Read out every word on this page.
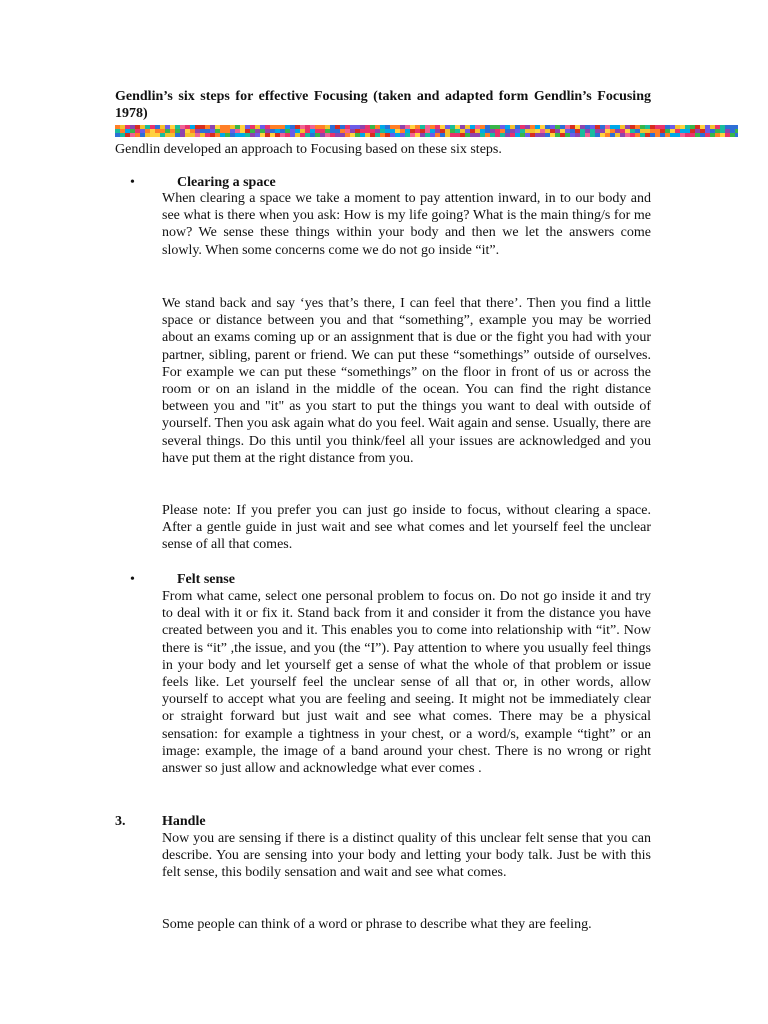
Gendlin’s six steps for effective Focusing (taken and adapted form Gendlin’s Focusing 1978)
Gendlin developed an approach to Focusing based on these six steps.
•	Clearing a space

When clearing a space we take a moment to pay attention inward, in to our body and see what is there when you ask: How is my life going? What is the main thing/s for me now? We sense these things within your body and then we let the answers come slowly. When some concerns come we do not go inside “it”.

We stand back and say ‘yes that’s there, I can feel that there’. Then you find a little space or distance between you and that “something”, example you may be worried about an exams coming up or an assignment that is due or the fight you had with your partner, sibling, parent or friend. We can put these “somethings” outside of ourselves. For example we can put these “somethings” on the floor in front of us or across the room or on an island in the middle of the ocean. You can find the right distance between you and "it" as you start to put the things you want to deal with outside of yourself. Then you ask again what do you feel. Wait again and sense. Usually, there are several things. Do this until you think/feel all your issues are acknowledged and you have put them at the right distance from you.

Please note: If you prefer you can just go inside to focus, without clearing a space. After a gentle guide in just wait and see what comes and let yourself feel the unclear sense of all that comes.

•	Felt sense

From what came, select one personal problem to focus on. Do not go inside it and try to deal with it or fix it. Stand back from it and consider it from the distance you have created between you and it. This enables you to come into relationship with “it”. Now there is “it” ,the issue, and you (the “I”). Pay attention to where you usually feel things in your body and let yourself get a sense of what the whole of that problem or issue feels like. Let yourself feel the unclear sense of all that or, in other words, allow yourself to accept what you are feeling and seeing. It might not be immediately clear or straight forward but just wait and see what comes. There may be a physical sensation: for example a tightness in your chest, or a word/s, example “tight” or an image: example, the image of a band around your chest. There is no wrong or right answer so just allow and acknowledge what ever comes .

3.	Handle

Now you are sensing if there is a distinct quality of this unclear felt sense that you can describe. You are sensing into your body and letting your body talk. Just be with this felt sense, this bodily sensation and wait and see what comes.

Some people can think of a word or phrase to describe what they are feeling.
